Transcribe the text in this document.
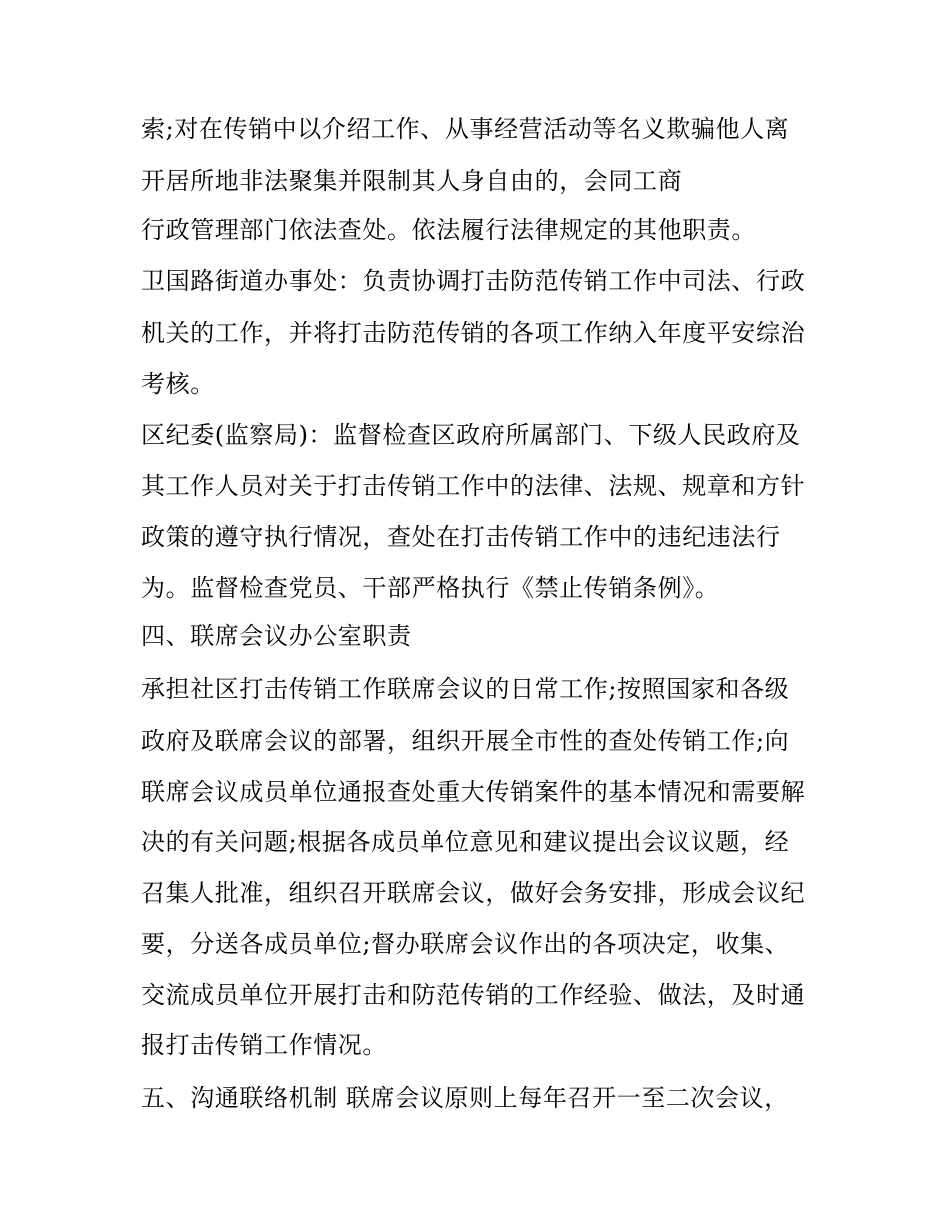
索;对在传销中以介绍工作、从事经营活动等名义欺骗他人离

开居所地非法聚集并限制其人身自由的，会同工商

行政管理部门依法查处。依法履行法律规定的其他职责。

卫国路街道办事处：负责协调打击防范传销工作中司法、行政

机关的工作，并将打击防范传销的各项工作纳入年度平安综治

考核。

区纪委(监察局)：监督检查区政府所属部门、下级人民政府及

其工作人员对关于打击传销工作中的法律、法规、规章和方针

政策的遵守执行情况，查处在打击传销工作中的违纪违法行

为。监督检查党员、干部严格执行《禁止传销条例》。

四、联席会议办公室职责

承担社区打击传销工作联席会议的日常工作;按照国家和各级

政府及联席会议的部署，组织开展全市性的查处传销工作;向

联席会议成员单位通报查处重大传销案件的基本情况和需要解

决的有关问题;根据各成员单位意见和建议提出会议议题，经

召集人批准，组织召开联席会议，做好会务安排，形成会议纪

要，分送各成员单位;督办联席会议作出的各项决定，收集、

交流成员单位开展打击和防范传销的工作经验、做法，及时通

报打击传销工作情况。

五、沟通联络机制 联席会议原则上每年召开一至二次会议，
